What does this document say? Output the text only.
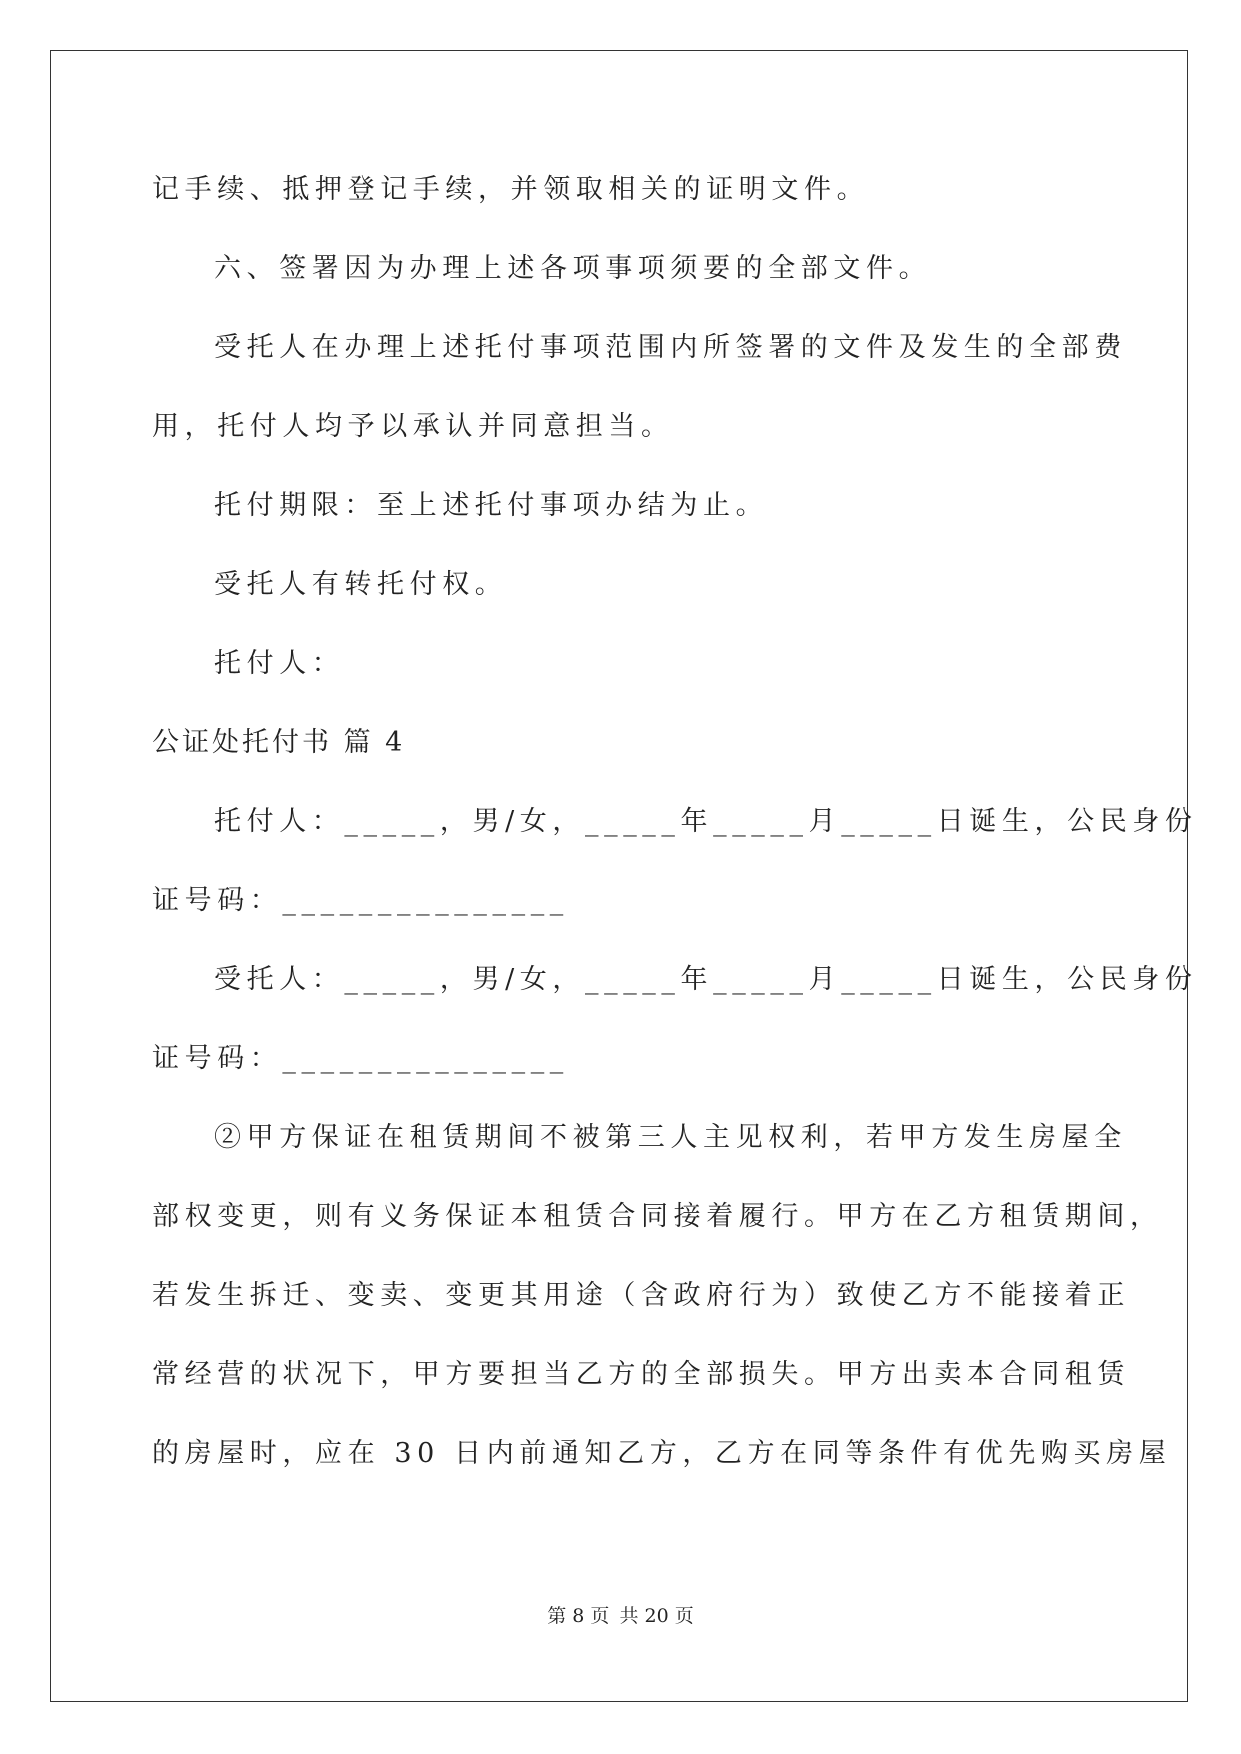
记手续、抵押登记手续，并领取相关的证明文件。
六、签署因为办理上述各项事项须要的全部文件。
受托人在办理上述托付事项范围内所签署的文件及发生的全部费
用，托付人均予以承认并同意担当。
托付期限：至上述托付事项办结为止。
受托人有转托付权。
托付人：
公证处托付书 篇 4
托付人：_____，男/女，_____年_____月_____日诞生，公民身份
证号码：_______________
受托人：_____，男/女，_____年_____月_____日诞生，公民身份
证号码：_______________
②甲方保证在租赁期间不被第三人主见权利，若甲方发生房屋全
部权变更，则有义务保证本租赁合同接着履行。甲方在乙方租赁期间，
若发生拆迁、变卖、变更其用途（含政府行为）致使乙方不能接着正
常经营的状况下，甲方要担当乙方的全部损失。甲方出卖本合同租赁
的房屋时，应在 30 日内前通知乙方，乙方在同等条件有优先购买房屋
第 8 页 共 20 页
